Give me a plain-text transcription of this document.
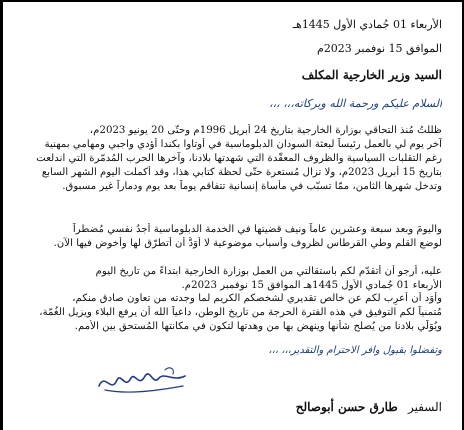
الأربعاء 01 جُمادي الأول 1445هـ
الموافق 15 نوفمبر 2023م
السيد وزير الخارجية المكلف
السلام عليكم ورحمة الله وبركاته،،، ،،،
ظللتُ مُنذ التحاقي بوزارة الخارجية بتاريخ 24 أبريل 1996م وحتّى 20 يونيو 2023م،
آخر يوم لي بالعمل رئيساً لبعثة السودان الدبلوماسية في أوتاوا بكندا أؤدي واجبي ومهامي بمهنية
رغم التقلبات السياسية والظروف المعقّدة التي شهدتها بلادنا، وآخرها الحرب المُدمّرة التي اندلعت
بتاريخ 15 أبريل 2023م، ولا تزال مُستعرة حتّى لحظة كتابي هذا، وقد أكملت اليوم الشهر السابع
وتدخل شهرها الثامن، ممّا تسبّب في مأساة إنسانية تتفاقم يوماً بعد يوم ودماراً غير مسبوق.
واليومَ وبعد سبعة وعشرين عاماً ونيف قضيتها في الخدمة الدبلوماسية أجدُ نفسي مُضطراً
لوضع القلم وطي القرطاس لظروف وأسباب موضوعية لا أوَدُّ أن أتطرّق لها وأخوض فيها الآن.
عليه، أرجو أن أتقدّم لكم باستقالتي من العمل بوزارة الخارجية ابتداءً من تاريخ اليوم
الأربعاء 01 جُمادي الأول 1445هـ الموافق 15 نوفمبر 2023م.
وأَوَد أن أُعرِب لكم عن خالص تقديري لشخصكم الكريم لما وجدته من تعاون صادق منكم،
مُتمنياً لكم التوفيق في هذه الفترة الحرجة من تاريخ الوطن، داعياً الله أن يرفع البلاء ويزيل الغُمّة،
ويُوَلّي بلادنا من يُصلح شأنها وينهض بها من وهدتها لتكون في مكانتها المُستحق بين الأمم.
وتفضلوا بقبول وافر الاحترام والتقدير،،، ،،،
السفير طارق حسن أبوصالح
